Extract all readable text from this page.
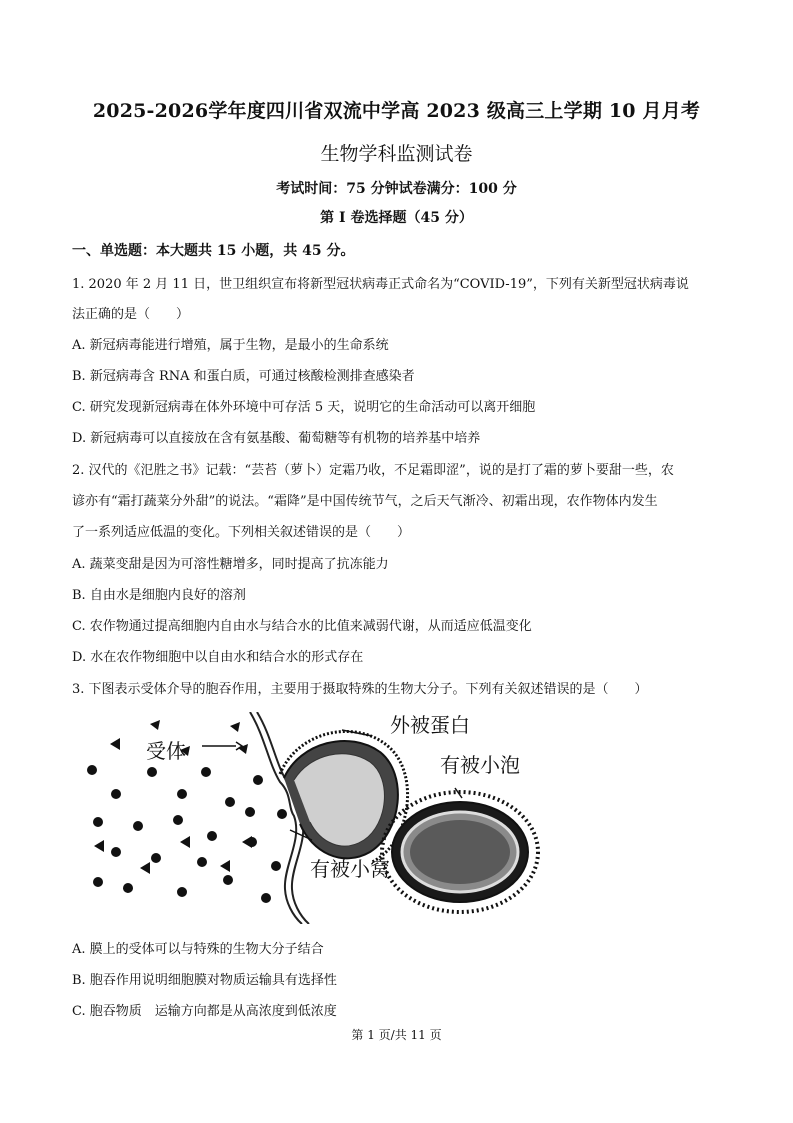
2025-2026学年度四川省双流中学高 2023 级高三上学期 10 月月考
生物学科监测试卷
考试时间：75 分钟试卷满分：100 分
第 I 卷选择题（45 分）
一、单选题：本大题共 15 小题，共 45 分。
1. 2020 年 2 月 11 日，世卫组织宣布将新型冠状病毒正式命名为“COVID-19”，下列有关新型冠状病毒说
法正确的是（　　）
A. 新冠病毒能进行增殖，属于生物，是最小的生命系统
B. 新冠病毒含 RNA 和蛋白质，可通过核酸检测排查感染者
C. 研究发现新冠病毒在体外环境中可存活 5 天，说明它的生命活动可以离开细胞
D. 新冠病毒可以直接放在含有氨基酸、葡萄糖等有机物的培养基中培养
2. 汉代的《氾胜之书》记载：“芸苔（萝卜）定霜乃收，不足霜即涩”，说的是打了霜的萝卜要甜一些，农
谚亦有“霜打蔬菜分外甜”的说法。“霜降”是中国传统节气，之后天气渐冷、初霜出现，农作物体内发生
了一系列适应低温的变化。下列相关叙述错误的是（　　）
A. 蔬菜变甜是因为可溶性糖增多，同时提高了抗冻能力
B. 自由水是细胞内良好的溶剂
C. 农作物通过提高细胞内自由水与结合水的比值来减弱代谢，从而适应低温变化
D. 水在农作物细胞中以自由水和结合水的形式存在
3. 下图表示受体介导的胞吞作用，主要用于摄取特殊的生物大分子。下列有关叙述错误的是（　　）
受体
外被蛋白
有被小泡
有被小窝
A. 膜上的受体可以与特殊的生物大分子结合
B. 胞吞作用说明细胞膜对物质运输具有选择性
C. 胞吞物质　运输方向都是从高浓度到低浓度
第 1 页/共 11 页
